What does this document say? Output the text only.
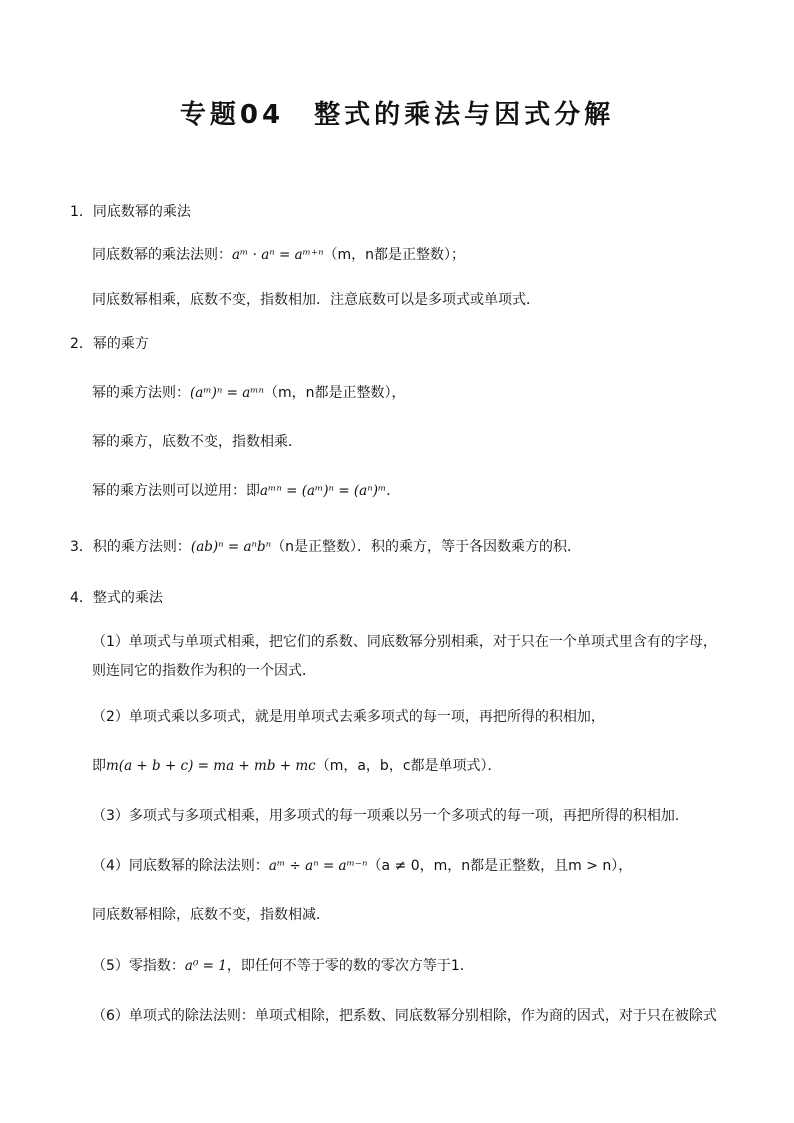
专题04　整式的乘法与因式分解
1．同底数幂的乘法
同底数幂的乘法法则：aᵐ · aⁿ = aᵐ⁺ⁿ（m，n都是正整数）；
同底数幂相乘，底数不变，指数相加．注意底数可以是多项式或单项式．
2．幂的乘方
幂的乘方法则：(aᵐ)ⁿ = aᵐⁿ（m，n都是正整数），
幂的乘方，底数不变，指数相乘．
幂的乘方法则可以逆用：即aᵐⁿ = (aᵐ)ⁿ = (aⁿ)ᵐ．
3．积的乘方法则：(ab)ⁿ = aⁿbⁿ（n是正整数）．积的乘方，等于各因数乘方的积．
4．整式的乘法
（1）单项式与单项式相乘，把它们的系数、同底数幂分别相乘，对于只在一个单项式里含有的字母，
则连同它的指数作为积的一个因式．
（2）单项式乘以多项式，就是用单项式去乘多项式的每一项，再把所得的积相加，
即m(a + b + c) = ma + mb + mc（m，a，b，c都是单项式）．
（3）多项式与多项式相乘，用多项式的每一项乘以另一个多项式的每一项，再把所得的积相加．
（4）同底数幂的除法法则：aᵐ ÷ aⁿ = aᵐ⁻ⁿ（a ≠ 0，m，n都是正整数，且m > n），
同底数幂相除，底数不变，指数相减．
（5）零指数：a⁰ = 1，即任何不等于零的数的零次方等于1．
（6）单项式的除法法则：单项式相除，把系数、同底数幂分别相除，作为商的因式，对于只在被除式
